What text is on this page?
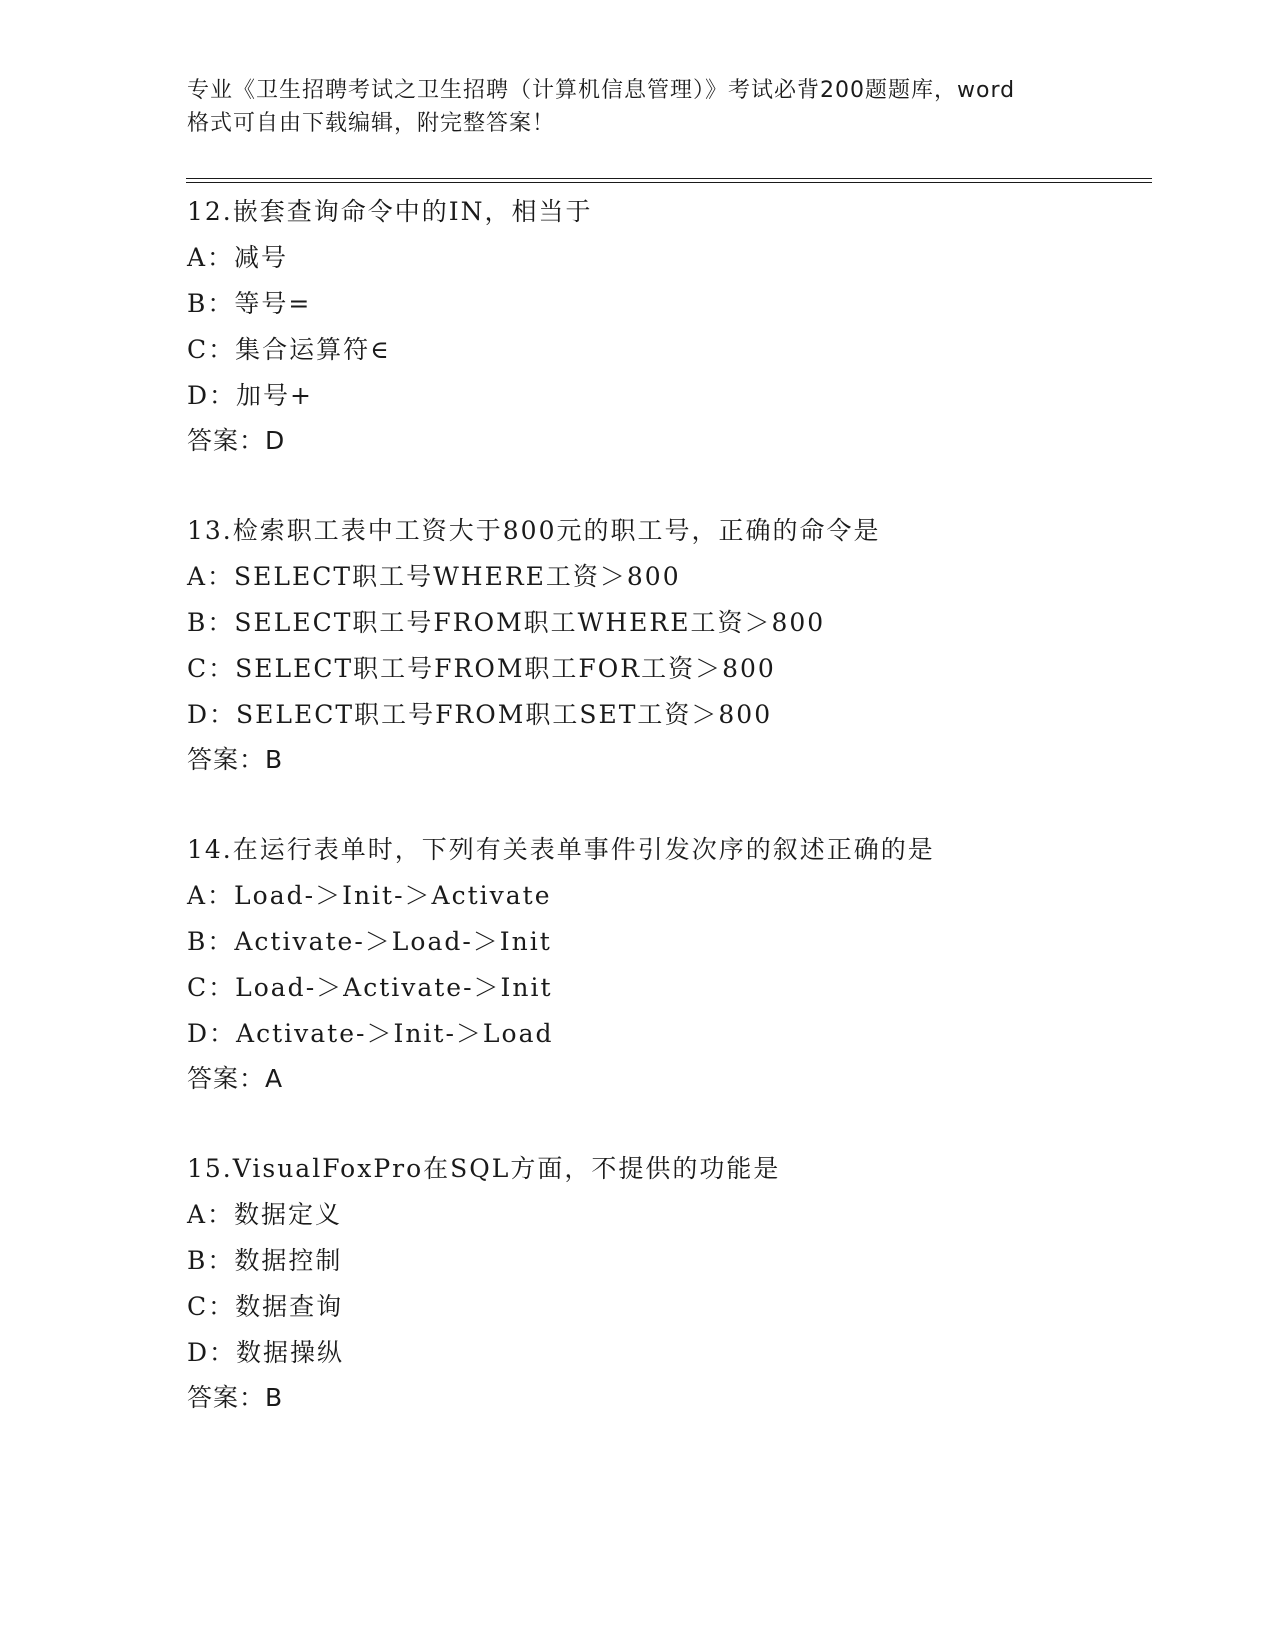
专业《卫生招聘考试之卫生招聘（计算机信息管理）》考试必背200题题库，word
格式可自由下载编辑，附完整答案！
12.嵌套查询命令中的IN，相当于
A：减号
B：等号=
C：集合运算符∈
D：加号+
答案：D
13.检索职工表中工资大于800元的职工号，正确的命令是
A：SELECT职工号WHERE工资＞800
B：SELECT职工号FROM职工WHERE工资＞800
C：SELECT职工号FROM职工FOR工资＞800
D：SELECT职工号FROM职工SET工资＞800
答案：B
14.在运行表单时，下列有关表单事件引发次序的叙述正确的是
A：Load-＞Init-＞Activate
B：Activate-＞Load-＞Init
C：Load-＞Activate-＞Init
D：Activate-＞Init-＞Load
答案：A
15.VisualFoxPro在SQL方面，不提供的功能是
A：数据定义
B：数据控制
C：数据查询
D：数据操纵
答案：B
